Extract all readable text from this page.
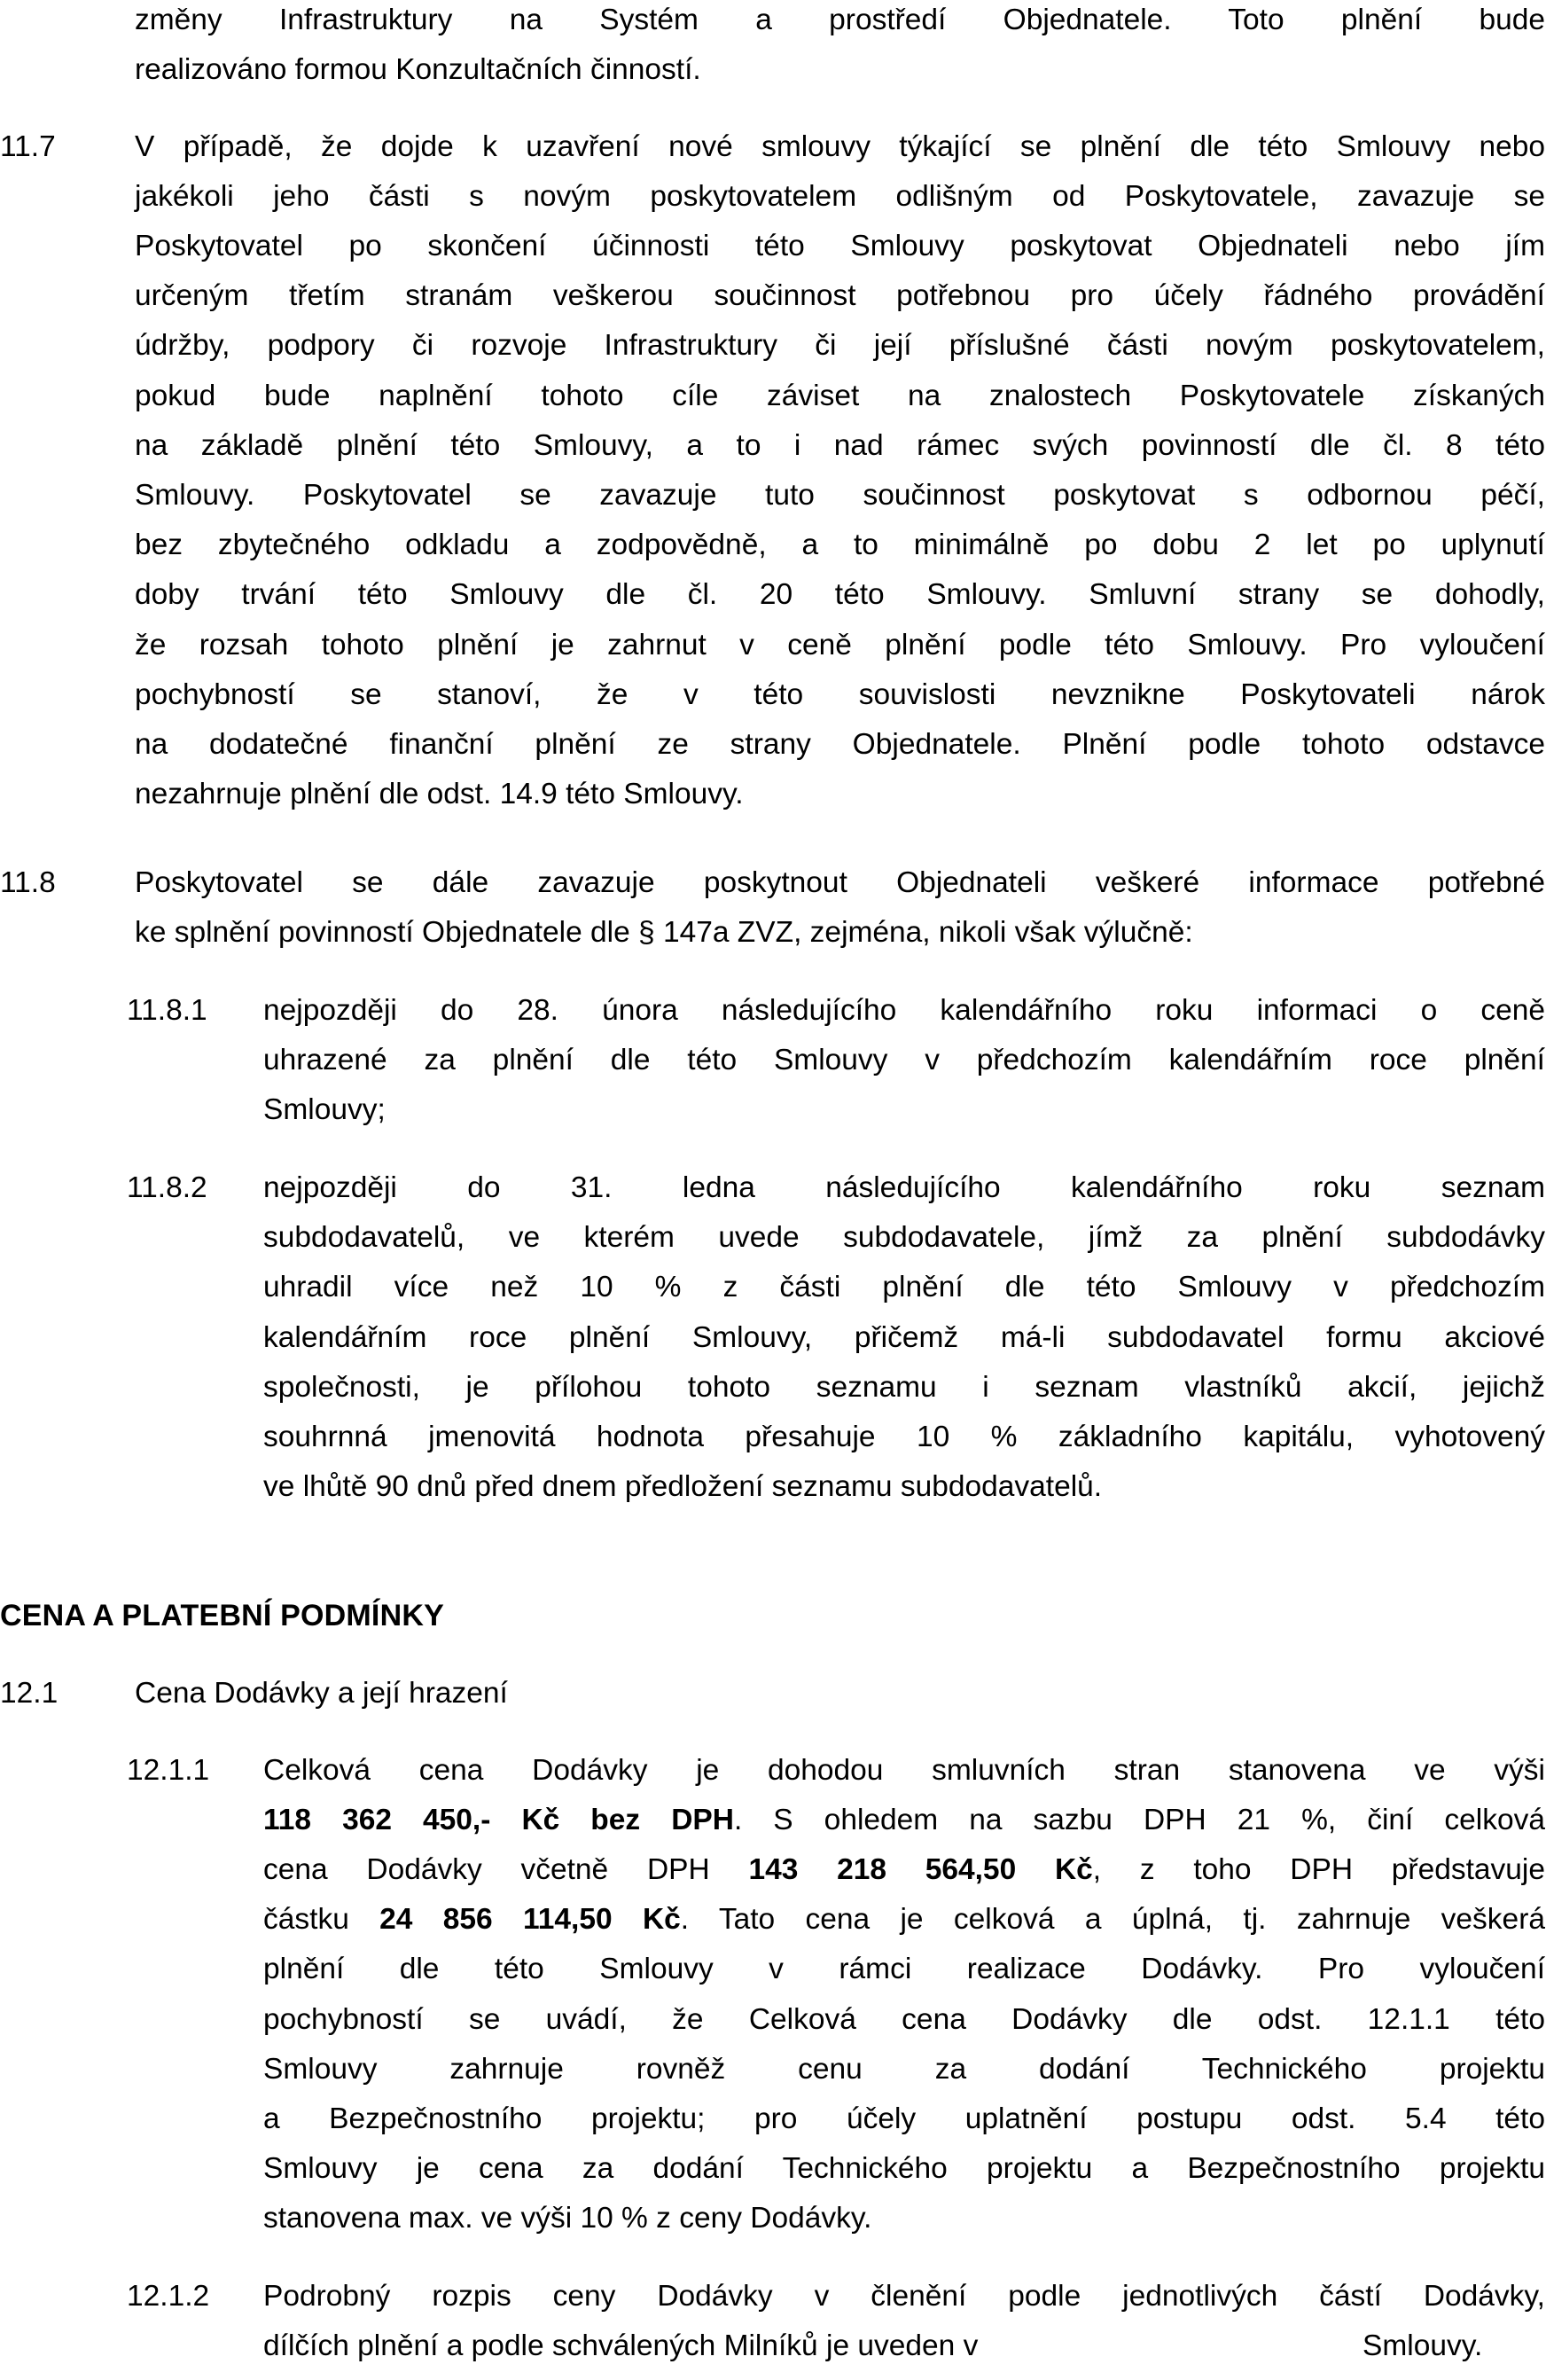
změny Infrastruktury na Systém a prostředí Objednatele. Toto plnění bude
realizováno formou Konzultačních činností.
11.7	V případě, že dojde k uzavření nové smlouvy týkající se plnění dle této Smlouvy nebo
jakékoli jeho části s novým poskytovatelem odlišným od Poskytovatele, zavazuje se
Poskytovatel po skončení účinnosti této Smlouvy poskytovat Objednateli nebo jím
určeným třetím stranám veškerou součinnost potřebnou pro účely řádného provádění
údržby, podpory či rozvoje Infrastruktury či její příslušné části novým poskytovatelem,
pokud bude naplnění tohoto cíle záviset na znalostech Poskytovatele získaných
na základě plnění této Smlouvy, a to i nad rámec svých povinností dle čl. 8 této
Smlouvy. Poskytovatel se zavazuje tuto součinnost poskytovat s odbornou péčí,
bez zbytečného odkladu a zodpovědně, a to minimálně po dobu 2 let po uplynutí
doby trvání této Smlouvy dle čl. 20 této Smlouvy. Smluvní strany se dohodly,
že rozsah tohoto plnění je zahrnut v ceně plnění podle této Smlouvy. Pro vyloučení
pochybností se stanoví, že v této souvislosti nevznikne Poskytovateli nárok
na dodatečné finanční plnění ze strany Objednatele. Plnění podle tohoto odstavce
nezahrnuje plnění dle odst. 14.9 této Smlouvy.
11.8	Poskytovatel se dále zavazuje poskytnout Objednateli veškeré informace potřebné
ke splnění povinností Objednatele dle § 147a ZVZ, zejména, nikoli však výlučně:
11.8.1 nejpozději do 28. února následujícího kalendářního roku informaci o ceně
uhrazené za plnění dle této Smlouvy v předchozím kalendářním roce plnění
Smlouvy;
11.8.2 nejpozději do 31. ledna následujícího kalendářního roku seznam
subdodavatelů, ve kterém uvede subdodavatele, jímž za plnění subdodávky
uhradil více než 10 % z části plnění dle této Smlouvy v předchozím
kalendářním roce plnění Smlouvy, přičemž má-li subdodavatel formu akciové
společnosti, je přílohou tohoto seznamu i seznam vlastníků akcií, jejichž
souhrnná jmenovitá hodnota přesahuje 10 % základního kapitálu, vyhotovený
ve lhůtě 90 dnů před dnem předložení seznamu subdodavatelů.
CENA A PLATEBNÍ PODMÍNKY
12.1	Cena Dodávky a její hrazení
12.1.1 Celková cena Dodávky je dohodou smluvních stran stanovena ve výši
118 362 450,- Kč bez DPH. S ohledem na sazbu DPH 21 %, činí celková
cena Dodávky včetně DPH 143 218 564,50 Kč, z toho DPH představuje
částku 24 856 114,50 Kč. Tato cena je celková a úplná, tj. zahrnuje veškerá
plnění dle této Smlouvy v rámci realizace Dodávky. Pro vyloučení
pochybností se uvádí, že Celková cena Dodávky dle odst. 12.1.1 této
Smlouvy zahrnuje rovněž cenu za dodání Technického projektu
a Bezpečnostního projektu; pro účely uplatnění postupu odst. 5.4 této
Smlouvy je cena za dodání Technického projektu a Bezpečnostního projektu
stanovena max. ve výši 10 % z ceny Dodávky.
12.1.2 Podrobný rozpis ceny Dodávky v členění podle jednotlivých částí Dodávky,
dílčích plnění a podle schválených Milníků je uveden v	Smlouvy.
